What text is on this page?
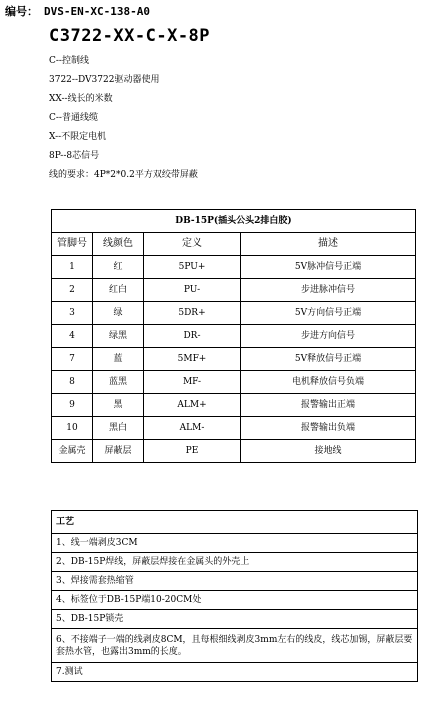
编号： DVS-EN-XC-138-A0
C3722-XX-C-X-8P
C--控制线
3722--DV3722驱动器使用
XX--线长的米数
C--普通线缆
X--不限定电机
8P--8芯信号
线的要求：4P*2*0.2平方双绞带屏蔽
DB-15P(插头公头2排白胶)			
管脚号	线颜色	定义	描述
1	红	5PU+	5V脉冲信号正端
2	红白	PU-	步进脉冲信号
3	绿	5DR+	5V方向信号正端
4	绿黑	DR-	步进方向信号
7	蓝	5MF+	5V释放信号正端
8	蓝黑	MF-	电机释放信号负端
9	黑	ALM+	报警输出正端
10	黑白	ALM-	报警输出负端
金属壳	屏蔽层	PE	接地线
工艺
1、线一端剥皮3CM
2、DB-15P焊线，屏蔽层焊接在金属头的外壳上
3、焊接需套热缩管
4、标签位于DB-15P端10-20CM处
5、DB-15P锁壳
6、不接端子一端的线剥皮8CM，且每根细线剥皮3mm左右的线皮，线芯加锡，屏蔽层要套热水管，也露出3mm的长度。
7.测试
